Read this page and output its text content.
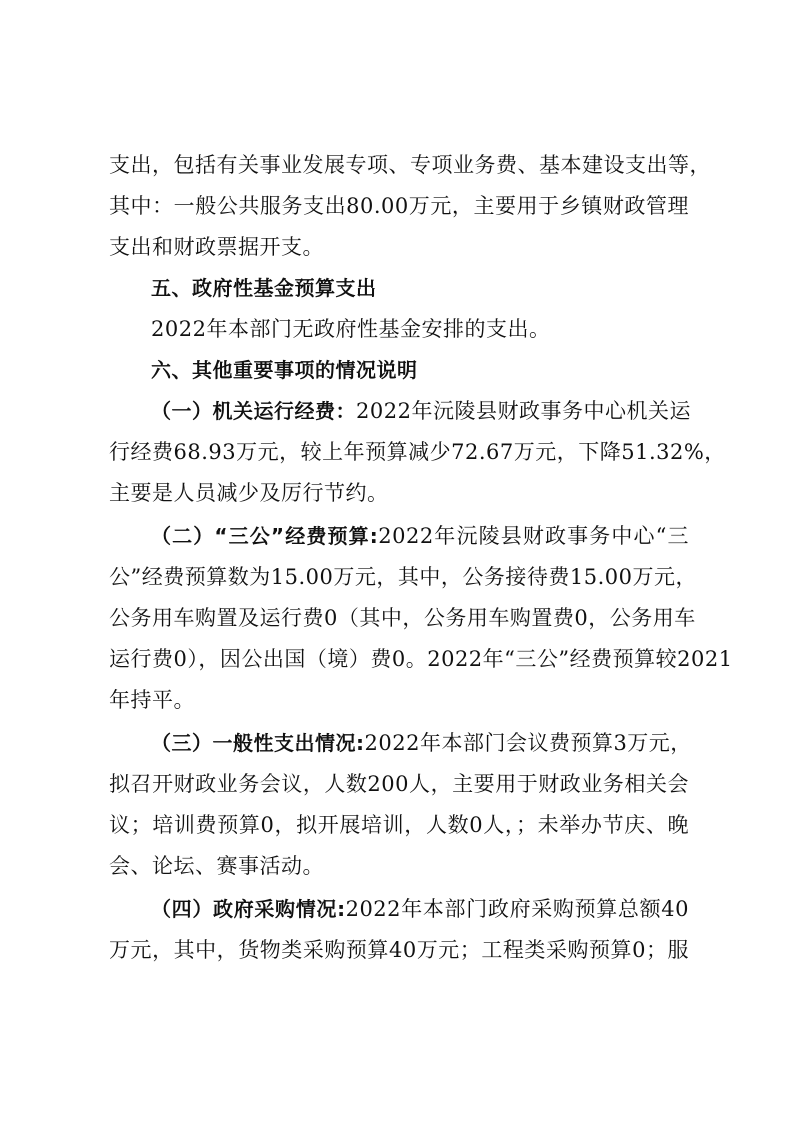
支出，包括有关事业发展专项、专项业务费、基本建设支出等，
其中：一般公共服务支出80.00万元，主要用于乡镇财政管理
支出和财政票据开支。
五、政府性基金预算支出
2022年本部门无政府性基金安排的支出。
六、其他重要事项的情况说明
（一）机关运行经费：2022年沅陵县财政事务中心机关运
行经费68.93万元，较上年预算减少72.67万元，下降51.32%，
主要是人员减少及厉行节约。
（二）“三公”经费预算:2022年沅陵县财政事务中心“三
公”经费预算数为15.00万元，其中，公务接待费15.00万元，
公务用车购置及运行费0（其中，公务用车购置费0，公务用车
运行费0），因公出国（境）费0。2022年“三公”经费预算较2021
年持平。
（三）一般性支出情况:2022年本部门会议费预算3万元，
拟召开财政业务会议，人数200人，主要用于财政业务相关会
议；培训费预算0，拟开展培训，人数0人，；未举办节庆、晚
会、论坛、赛事活动。
（四）政府采购情况:2022年本部门政府采购预算总额40
万元，其中，货物类采购预算40万元；工程类采购预算0；服
